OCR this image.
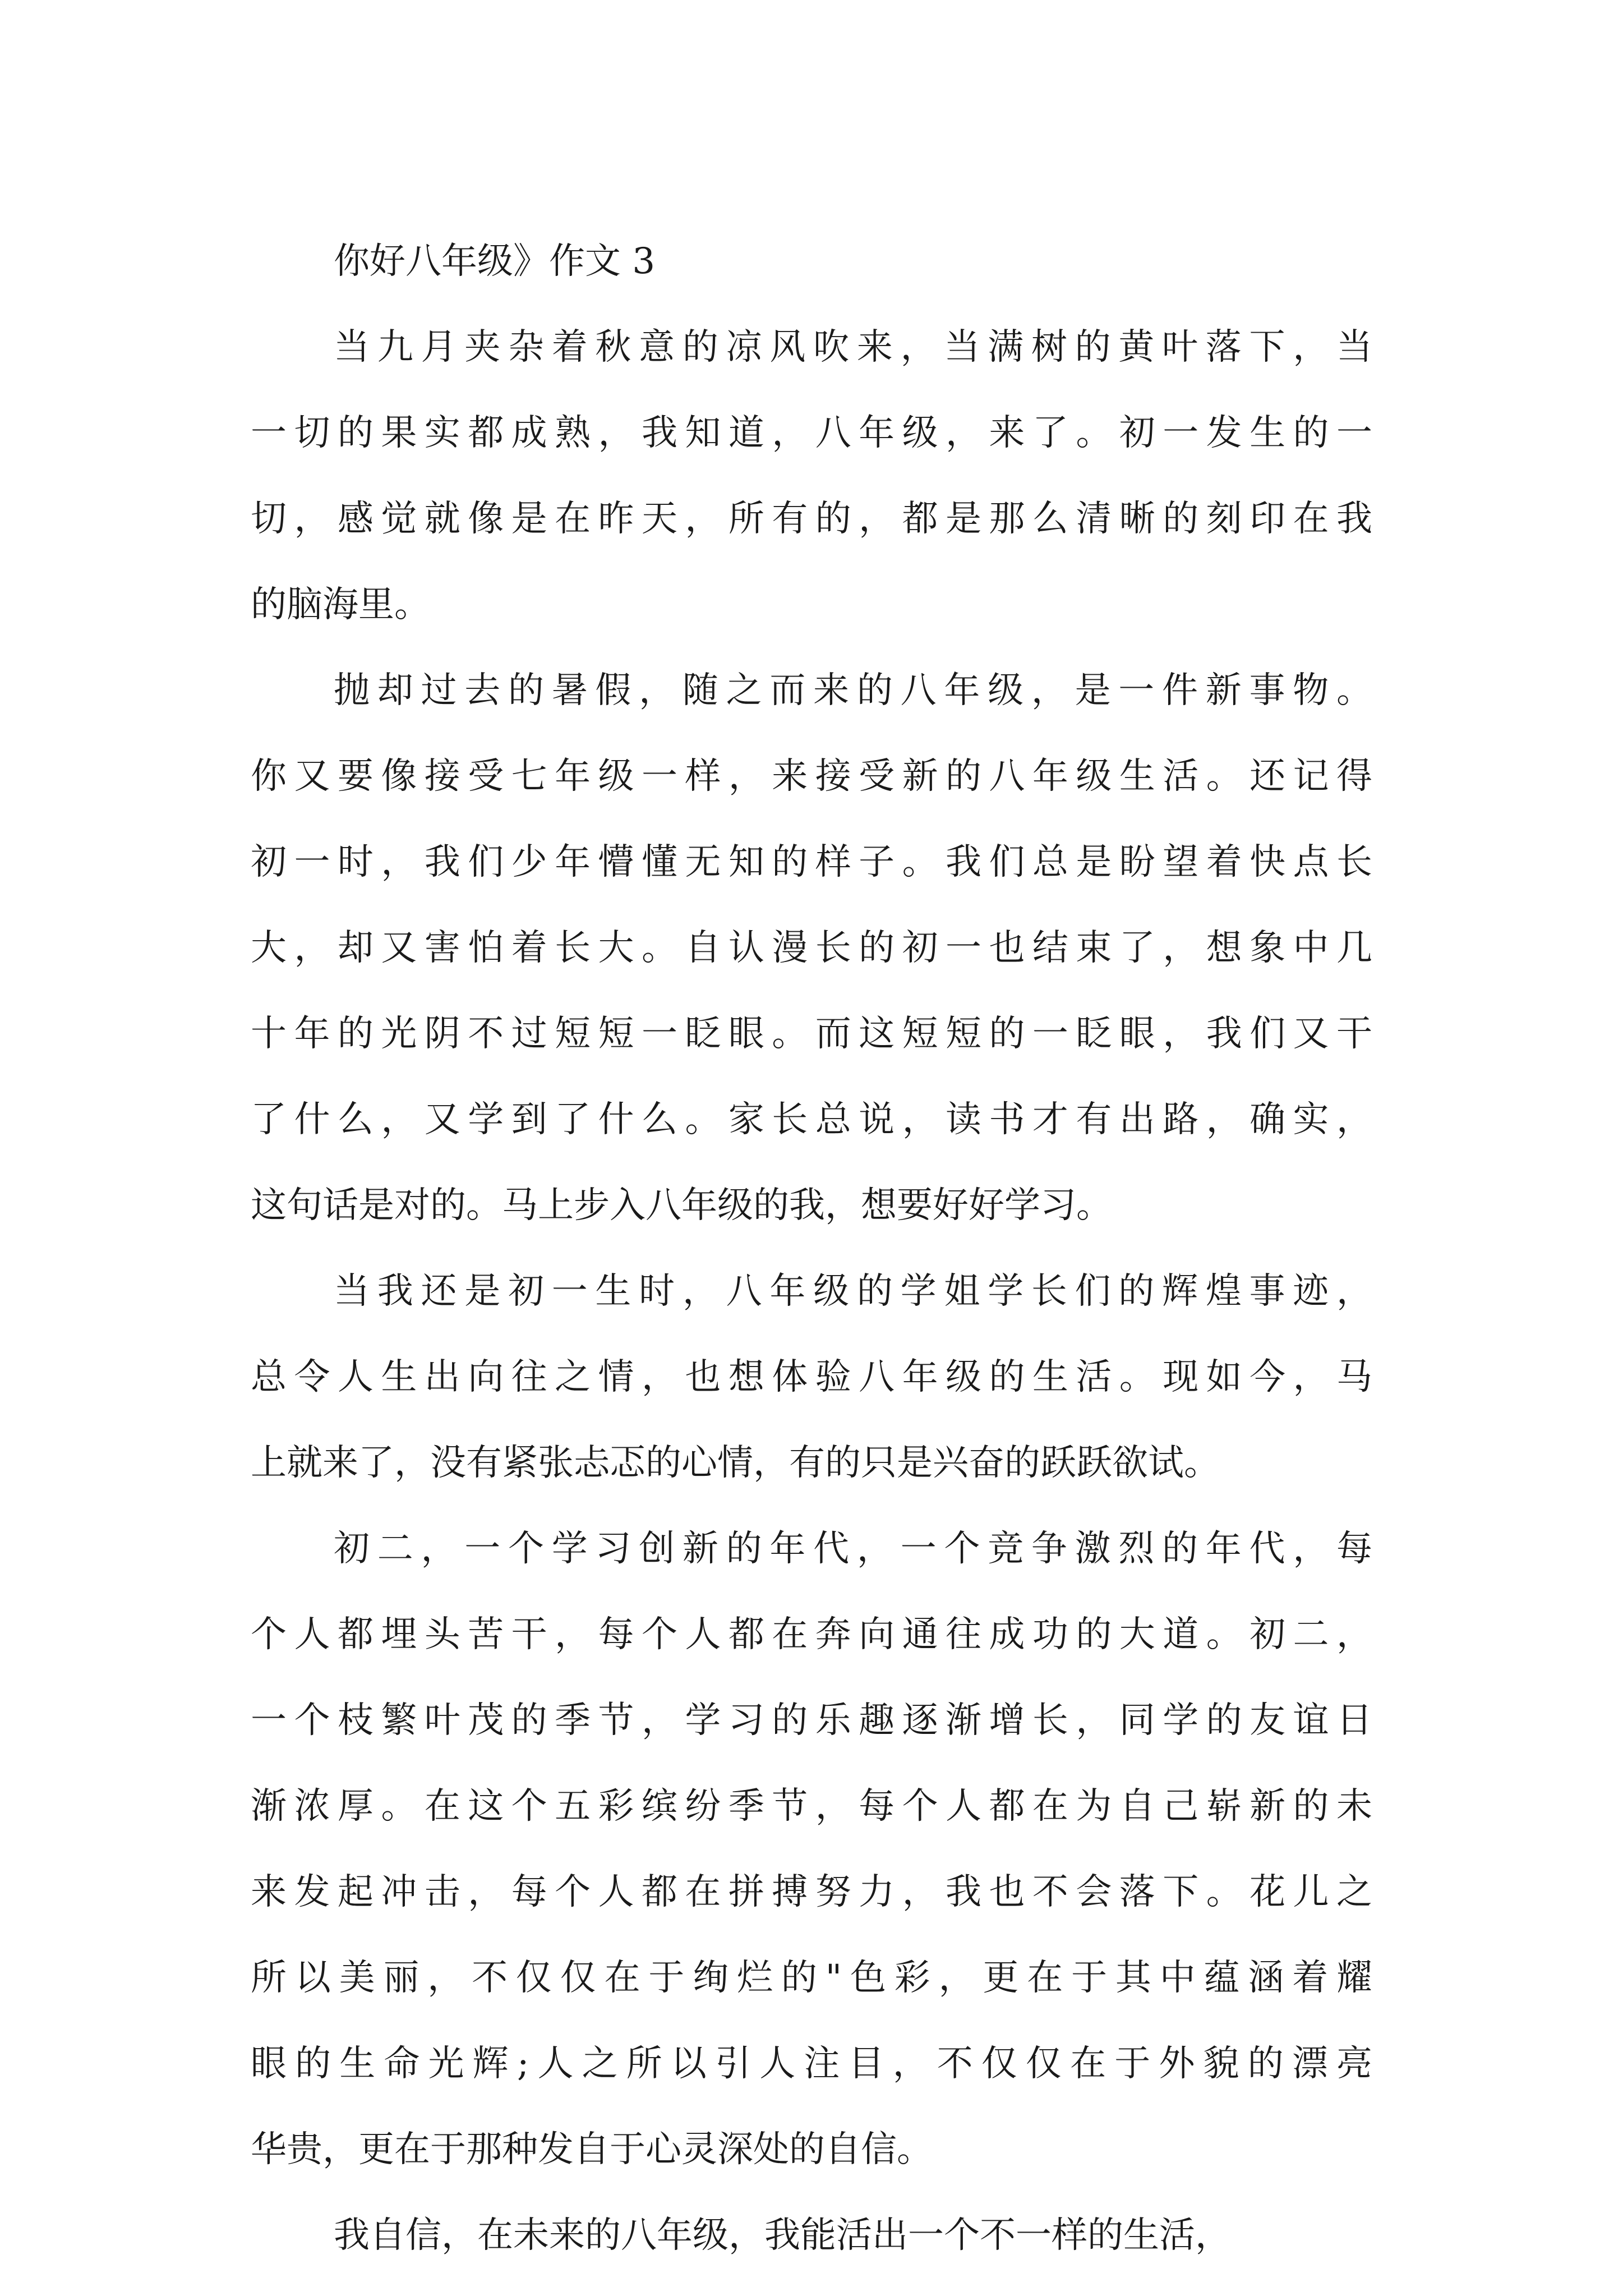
你好八年级》作文 3
当九月夹杂着秋意的凉风吹来，当满树的黄叶落下，当
一切的果实都成熟，我知道，八年级，来了。初一发生的一
切，感觉就像是在昨天，所有的，都是那么清晰的刻印在我
的脑海里。
抛却过去的暑假，随之而来的八年级，是一件新事物。
你又要像接受七年级一样，来接受新的八年级生活。还记得
初一时，我们少年懵懂无知的样子。我们总是盼望着快点长
大，却又害怕着长大。自认漫长的初一也结束了，想象中几
十年的光阴不过短短一眨眼。而这短短的一眨眼，我们又干
了什么，又学到了什么。家长总说，读书才有出路，确实，
这句话是对的。马上步入八年级的我，想要好好学习。
当我还是初一生时，八年级的学姐学长们的辉煌事迹，
总令人生出向往之情，也想体验八年级的生活。现如今，马
上就来了，没有紧张忐忑的心情，有的只是兴奋的跃跃欲试。
初二，一个学习创新的年代，一个竞争激烈的年代，每
个人都埋头苦干，每个人都在奔向通往成功的大道。初二，
一个枝繁叶茂的季节，学习的乐趣逐渐增长，同学的友谊日
渐浓厚。在这个五彩缤纷季节，每个人都在为自己崭新的未
来发起冲击，每个人都在拼搏努力，我也不会落下。花儿之
所以美丽，不仅仅在于绚烂的"色彩，更在于其中蕴涵着耀
眼的生命光辉;人之所以引人注目，不仅仅在于外貌的漂亮
华贵，更在于那种发自于心灵深处的自信。
我自信，在未来的八年级，我能活出一个不一样的生活，
